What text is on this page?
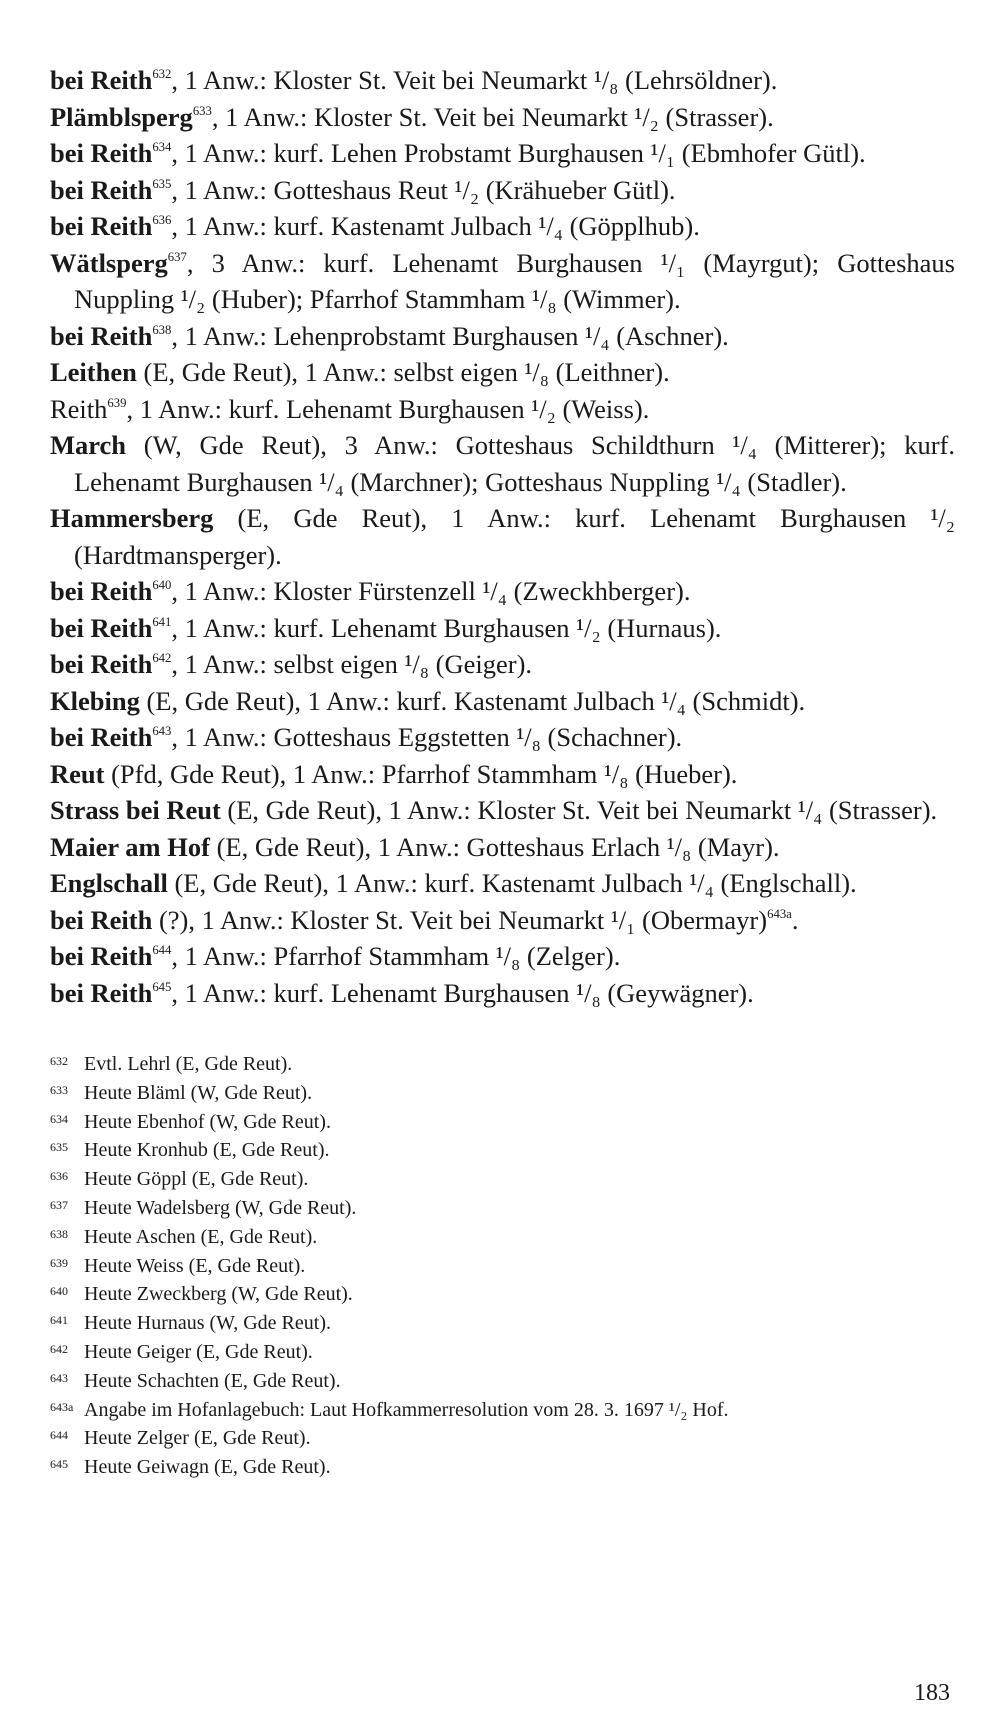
bei Reith$^{632}$, 1 Anw.: Kloster St. Veit bei Neumarkt ¹/₈ (Lehrsöldner).

Plämblsperg$^{633}$, 1 Anw.: Kloster St. Veit bei Neumarkt ¹/₂ (Strasser).

bei Reith$^{634}$, 1 Anw.: kurf. Lehen Probstamt Burghausen ¹/₁ (Ebmhofer Gütl).

bei Reith$^{635}$, 1 Anw.: Gotteshaus Reut ¹/₂ (Krähueber Gütl).

bei Reith$^{636}$, 1 Anw.: kurf. Kastenamt Julbach ¹/₄ (Göpplhub).

Wätlsperg$^{637}$, 3 Anw.: kurf. Lehenamt Burghausen ¹/₁ (Mayrgut); Gotteshaus Nuppling ¹/₂ (Huber); Pfarrhof Stammham ¹/₈ (Wimmer).

bei Reith$^{638}$, 1 Anw.: Lehenprobstamt Burghausen ¹/₄ (Aschner).

Leithen (E, Gde Reut), 1 Anw.: selbst eigen ¹/₈ (Leithner).

Reith$^{639}$, 1 Anw.: kurf. Lehenamt Burghausen ¹/₂ (Weiss).

March (W, Gde Reut), 3 Anw.: Gotteshaus Schildthurn ¹/₄ (Mitterer); kurf. Lehenamt Burghausen ¹/₄ (Marchner); Gotteshaus Nuppling ¹/₄ (Stadler).

Hammersberg (E, Gde Reut), 1 Anw.: kurf. Lehenamt Burghausen ¹/₂ (Hardtmansperger).

bei Reith$^{640}$, 1 Anw.: Kloster Fürstenzell ¹/₄ (Zweckhberger).

bei Reith$^{641}$, 1 Anw.: kurf. Lehenamt Burghausen ¹/₂ (Hurnaus).

bei Reith$^{642}$, 1 Anw.: selbst eigen ¹/₈ (Geiger).

Klebing (E, Gde Reut), 1 Anw.: kurf. Kastenamt Julbach ¹/₄ (Schmidt).

bei Reith$^{643}$, 1 Anw.: Gotteshaus Eggstetten ¹/₈ (Schachner).

Reut (Pfd, Gde Reut), 1 Anw.: Pfarrhof Stammham ¹/₈ (Hueber).

Strass bei Reut (E, Gde Reut), 1 Anw.: Kloster St. Veit bei Neumarkt ¹/₄ (Strasser).

Maier am Hof (E, Gde Reut), 1 Anw.: Gotteshaus Erlach ¹/₈ (Mayr).

Englschall (E, Gde Reut), 1 Anw.: kurf. Kastenamt Julbach ¹/₄ (Englschall).

bei Reith (?), 1 Anw.: Kloster St. Veit bei Neumarkt ¹/₁ (Obermayr)$^{643a}$.

bei Reith$^{644}$, 1 Anw.: Pfarrhof Stammham ¹/₈ (Zelger).

bei Reith$^{645}$, 1 Anw.: kurf. Lehenamt Burghausen ¹/₈ (Geywägner).

632 Evtl. Lehrl (E, Gde Reut).

633 Heute Bläml (W, Gde Reut).

634 Heute Ebenhof (W, Gde Reut).

635 Heute Kronhub (E, Gde Reut).

636 Heute Göppl (E, Gde Reut).

637 Heute Wadelsberg (W, Gde Reut).

638 Heute Aschen (E, Gde Reut).

639 Heute Weiss (E, Gde Reut).

640 Heute Zweckberg (W, Gde Reut).

641 Heute Hurnaus (W, Gde Reut).

642 Heute Geiger (E, Gde Reut).

643 Heute Schachten (E, Gde Reut).

643a Angabe im Hofanlagebuch: Laut Hofkammerresolution vom 28. 3. 1697 ¹/₂ Hof.

644 Heute Zelger (E, Gde Reut).

645 Heute Geiwagn (E, Gde Reut).

183
